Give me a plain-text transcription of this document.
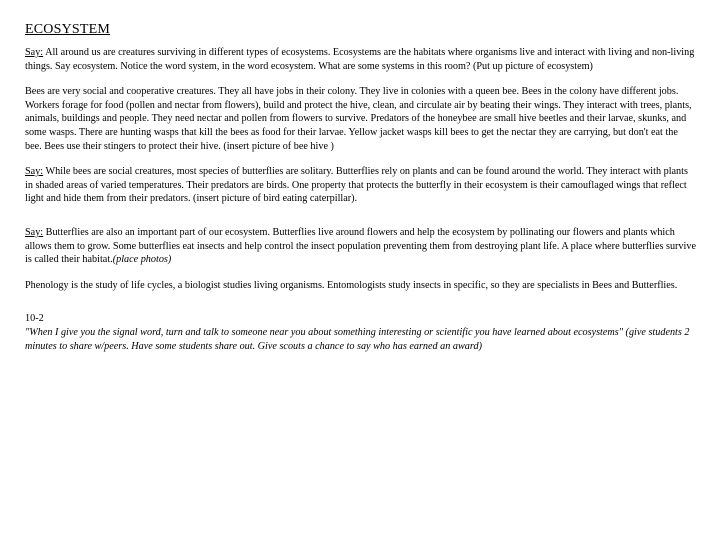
ECOSYSTEM

Say: All around us are creatures surviving in different types of ecosystems. Ecosystems are the habitats where organisms live and interact with living and non-living things. Say ecosystem. Notice the word system, in the word ecosystem. What are some systems in this room? (Put up picture of ecosystem)

Bees are very social and cooperative creatures. They all have jobs in their colony. They live in colonies with a queen bee. Bees in the colony have different jobs. Workers forage for food (pollen and nectar from flowers), build and protect the hive, clean, and circulate air by beating their wings. They interact with trees, plants, animals, buildings and people. They need nectar and pollen from flowers to survive. Predators of the honeybee are small hive beetles and their larvae, skunks, and some wasps. There are hunting wasps that kill the bees as food for their larvae. Yellow jacket wasps kill bees to get the nectar they are carrying, but don't eat the bee. Bees use their stingers to protect their hive. (insert picture of bee hive )

Say: While bees are social creatures, most species of butterflies are solitary. Butterflies rely on plants and can be found around the world. They interact with plants in shaded areas of varied temperatures. Their predators are birds. One property that protects the butterfly in their ecosystem is their camouflaged wings that reflect light and hide them from their predators. (insert picture of bird eating caterpillar).

Say: Butterflies are also an important part of our ecosystem. Butterflies live around flowers and help the ecosystem by pollinating our flowers and plants which allows them to grow. Some butterflies eat insects and help control the insect population preventing them from destroying plant life. A place where butterflies survive is called their habitat.(place photos)

Phenology is the study of life cycles, a biologist studies living organisms. Entomologists study insects in specific, so they are specialists in Bees and Butterflies.

10-2
"When I give you the signal word, turn and talk to someone near you about something interesting or scientific you have learned about ecosystems" (give students 2 minutes to share w/peers. Have some students share out. Give scouts a chance to say who has earned an award)
